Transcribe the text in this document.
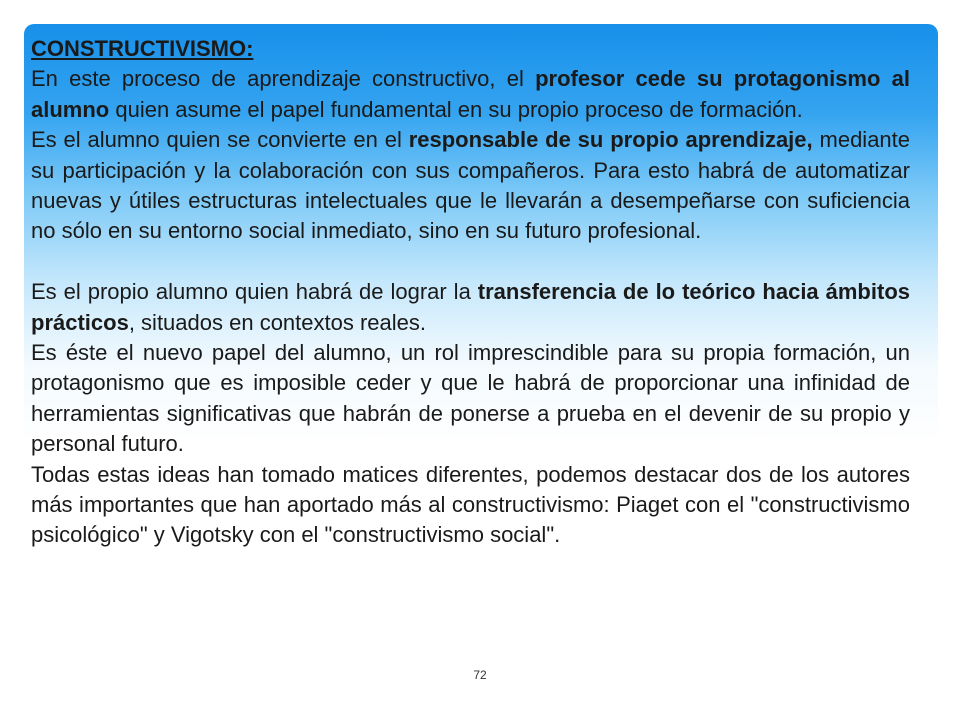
CONSTRUCTIVISMO:

En este proceso de aprendizaje constructivo, el profesor cede su protagonismo al alumno quien asume el papel fundamental en su propio proceso de formación.

Es el alumno quien se convierte en el responsable de su propio aprendizaje, mediante su participación y la colaboración con sus compañeros. Para esto habrá de automatizar nuevas y útiles estructuras intelectuales que le llevarán a desempeñarse con suficiencia no sólo en su entorno social inmediato, sino en su futuro profesional.

Es el propio alumno quien habrá de lograr la transferencia de lo teórico hacia ámbitos prácticos, situados en contextos reales.

Es éste el nuevo papel del alumno, un rol imprescindible para su propia formación, un protagonismo que es imposible ceder y que le habrá de proporcionar una infinidad de herramientas significativas que habrán de ponerse a prueba en el devenir de su propio y personal futuro.

Todas estas ideas han tomado matices diferentes, podemos destacar dos de los autores más importantes que han aportado más al constructivismo: Piaget con el "constructivismo psicológico" y Vigotsky con el "constructivismo social".

72
